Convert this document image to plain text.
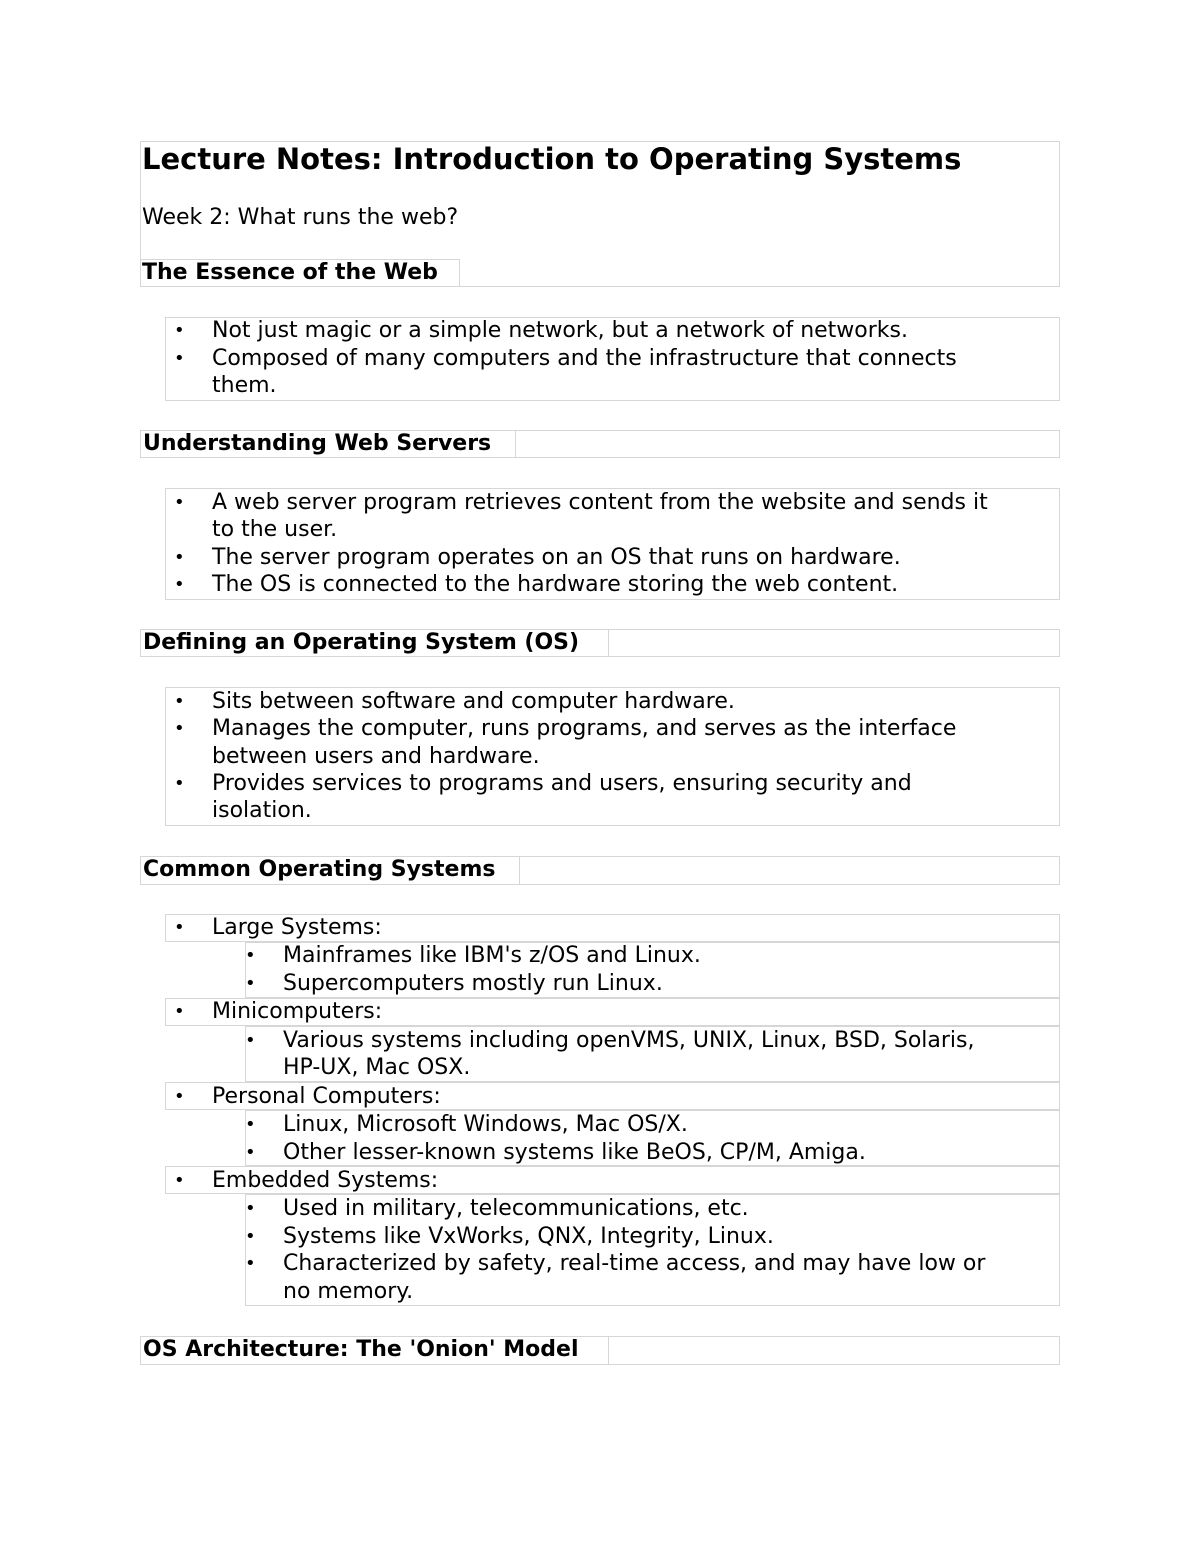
Lecture Notes: Introduction to Operating Systems
Week 2: What runs the web?
The Essence of the Web
• Not just magic or a simple network, but a network of networks.
• Composed of many computers and the infrastructure that connects
them.
Understanding Web Servers
• A web server program retrieves content from the website and sends it
to the user.
• The server program operates on an OS that runs on hardware.
• The OS is connected to the hardware storing the web content.
Defining an Operating System (OS)
• Sits between software and computer hardware.
• Manages the computer, runs programs, and serves as the interface
between users and hardware.
• Provides services to programs and users, ensuring security and
isolation.
Common Operating Systems
• Large Systems:
• Mainframes like IBM's z/OS and Linux.
• Supercomputers mostly run Linux.
• Minicomputers:
• Various systems including openVMS, UNIX, Linux, BSD, Solaris,
HP-UX, Mac OSX.
• Personal Computers:
• Linux, Microsoft Windows, Mac OS/X.
• Other lesser-known systems like BeOS, CP/M, Amiga.
• Embedded Systems:
• Used in military, telecommunications, etc.
• Systems like VxWorks, QNX, Integrity, Linux.
• Characterized by safety, real-time access, and may have low or
no memory.
OS Architecture: The 'Onion' Model
